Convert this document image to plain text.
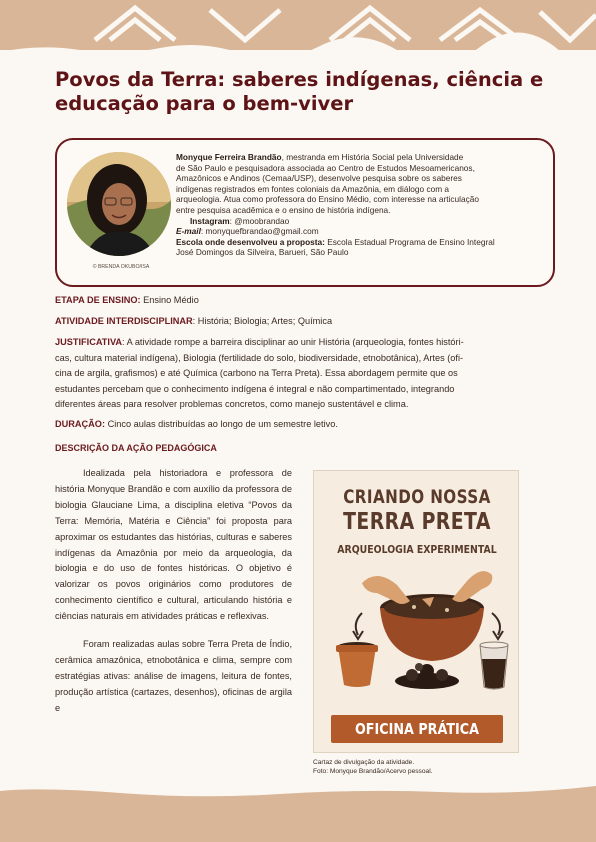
Povos da Terra: saberes indígenas, ciência e
educação para o bem-viver
© BRENDA OKUBO/ISA
Monyque Ferreira Brandão, mestranda em História Social pela Universidade
de São Paulo e pesquisadora associada ao Centro de Estudos Mesoamericanos,
Amazônicos e Andinos (Cemaa/USP), desenvolve pesquisa sobre os saberes
indígenas registrados em fontes coloniais da Amazônia, em diálogo com a
arqueologia. Atua como professora do Ensino Médio, com interesse na articulação
entre pesquisa acadêmica e o ensino de história indígena.
Instagram: @moobrandao
E-mail: monyquefbrandao@gmail.com
Escola onde desenvolveu a proposta: Escola Estadual Programa de Ensino Integral
José Domingos da Silveira, Barueri, São Paulo
ETAPA DE ENSINO: Ensino Médio
ATIVIDADE INTERDISCIPLINAR: História; Biologia; Artes; Química
JUSTIFICATIVA: A atividade rompe a barreira disciplinar ao unir História (arqueologia, fontes históri-
cas, cultura material indígena), Biologia (fertilidade do solo, biodiversidade, etnobotânica), Artes (ofi-
cina de argila, grafismos) e até Química (carbono na Terra Preta). Essa abordagem permite que os
estudantes percebam que o conhecimento indígena é integral e não compartimentado, integrando
diferentes áreas para resolver problemas concretos, como manejo sustentável e clima.
DURAÇÃO: Cinco aulas distribuídas ao longo de um semestre letivo.
DESCRIÇÃO DA AÇÃO PEDAGÓGICA

Idealizada pela historiadora e professora de história Monyque Brandão e com auxílio da professora de biologia Glauciane Lima, a disciplina eletiva “Povos da Terra: Memória, Matéria e Ciência” foi proposta para aproximar os estudantes das histórias, culturas e saberes indígenas da Amazônia por meio da arqueologia, da biologia e do uso de fontes históricas. O objetivo é valorizar os povos originários como produtores de conhecimento científico e cultural, articulando história e ciências naturais em atividades práticas e reflexivas.

Foram realizadas aulas sobre Terra Preta de Índio, cerâmica amazônica, etnobotânica e clima, sempre com estratégias ativas: análise de imagens, leitura de fontes, produção artística (cartazes, desenhos), oficinas de argila e

CRIANDO NOSSA
TERRA PRETA
ARQUEOLOGIA EXPERIMENTAL
OFICINA PRÁTICA
Cartaz de divulgação da atividade.
Foto: Monyque Brandão/Acervo pessoal.
